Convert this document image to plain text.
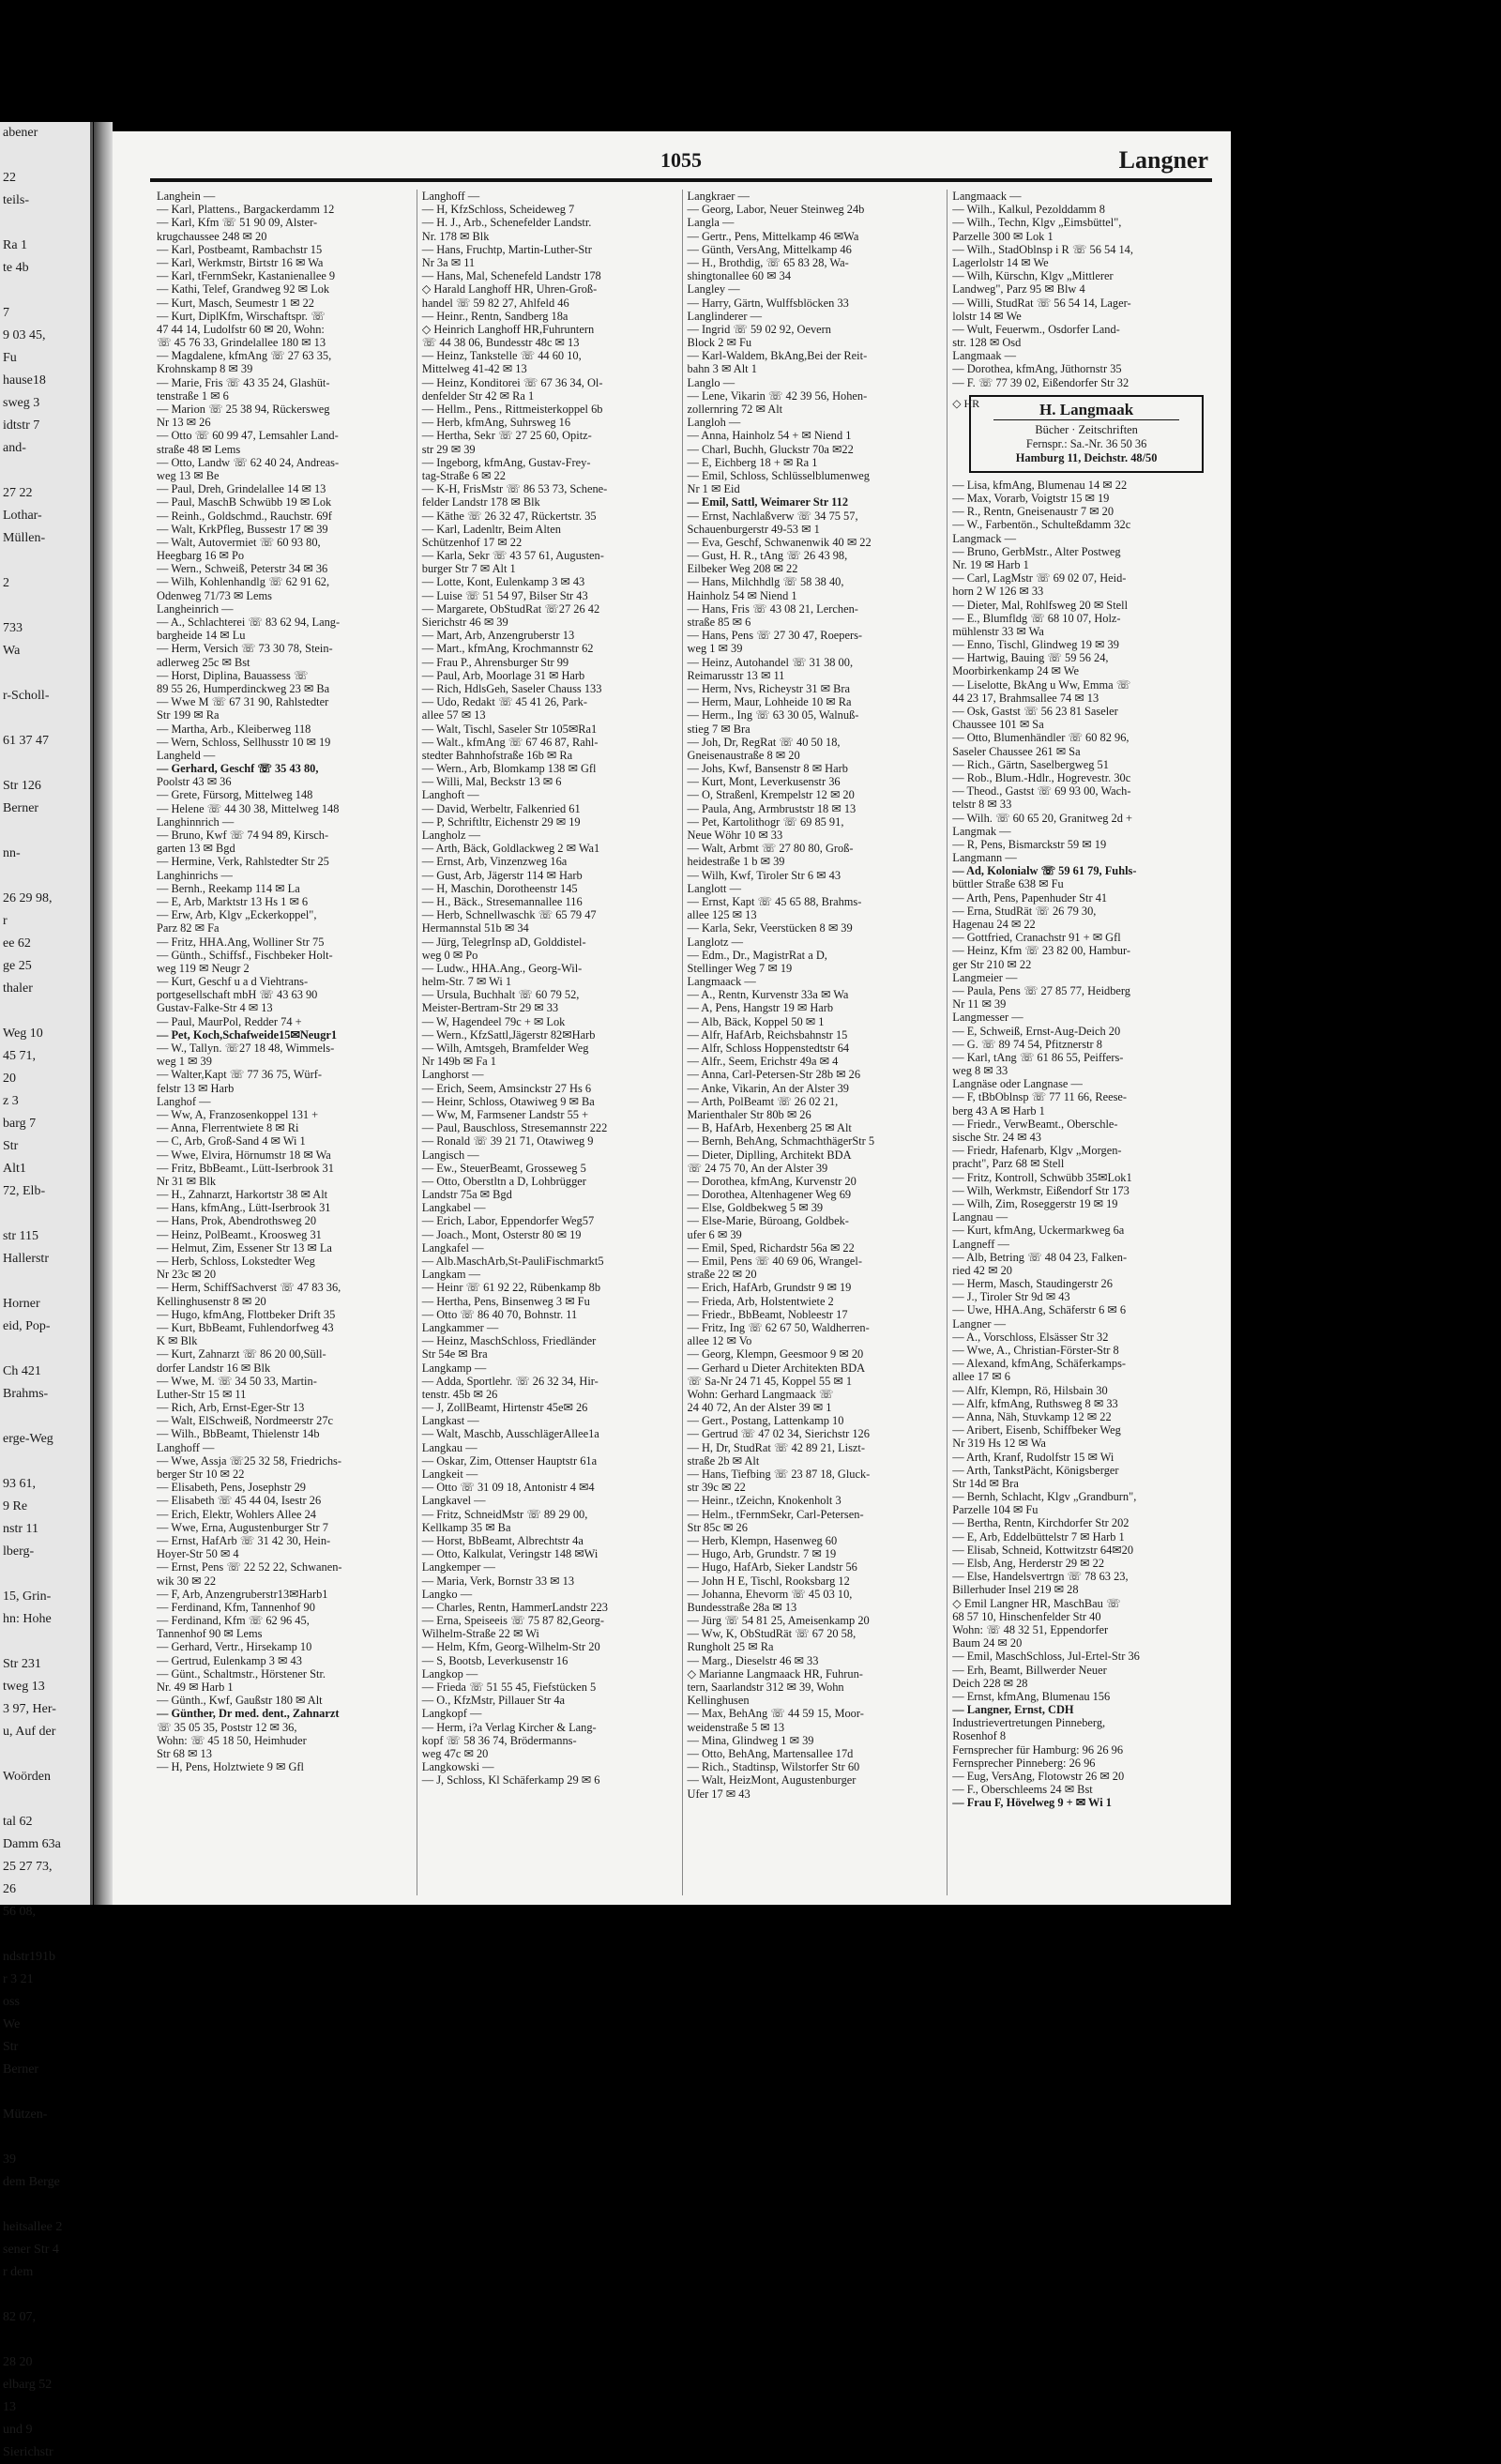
abener
22
teils-
Ra 1
te 4b
7
9 03 45,
Fu
hause18
sweg 3
idtstr 7
and-
27 22
Lothar-
Müllen-
2
733
Wa
r-Scholl-
61 37 47
Str 126
Berner
nn-
26 29 98,
r
ee 62
ge 25
thaler
Weg 10
45 71,
20
z 3
barg 7
Str
Alt1
72, Elb-
str 115
Hallerstr
Horner
eid, Pop-
Ch 421
Brahms-
erge-Weg
93 61,
9 Re
nstr 11
lberg-
15, Grin-
hn: Hohe
Str 231
tweg 13
3 97, Her-
u, Auf der
Woörden
tal 62
Damm 63a
25 27 73,
26
56 08,
ndstr191b
r 3 21
oss
We
Str
Berner
Mützen-
39
dem Berge
heitsallee 2
sener Str 4
r dem
82 07,
28 20
elbarg 52
13
und 9
Sierichstr
1055	Langner
Langhein —
— Karl, Plattens., Bargackerdamm 12
— Karl, Kfm ☏ 51 90 09, Alster-
krugchaussee 248 ✉ 20
— Karl, Postbeamt, Rambachstr 15
— Karl, Werkmstr, Birtstr 16 ✉ Wa
— Karl, tFernmSekr, Kastanienallee 9
— Kathi, Telef, Grandweg 92 ✉ Lok
— Kurt, Masch, Seumestr 1 ✉ 22
— Kurt, DiplKfm, Wirschaftspr. ☏
47 44 14, Ludolfstr 60 ✉ 20, Wohn:
☏ 45 76 33, Grindelallee 180 ✉ 13
— Magdalene, kfmAng ☏ 27 63 35,
Krohnskamp 8 ✉ 39
— Marie, Fris ☏ 43 35 24, Glashüt-
tenstraße 1 ✉ 6
— Marion ☏ 25 38 94, Rückersweg
Nr 13 ✉ 26
— Otto ☏ 60 99 47, Lemsahler Land-
straße 48 ✉ Lems
— Otto, Landw ☏ 62 40 24, Andreas-
weg 13 ✉ Be
— Paul, Dreh, Grindelallee 14 ✉ 13
— Paul, MaschB Schwübb 19 ✉ Lok
— Reinh., Goldschmd., Rauchstr. 69f
— Walt, KrkPfleg, Bussestr 17 ✉ 39
— Walt, Autovermiet ☏ 60 93 80,
Heegbarg 16 ✉ Po
— Wern., Schweiß, Peterstr 34 ✉ 36
— Wilh, Kohlenhandlg ☏ 62 91 62,
Odenweg 71/73 ✉ Lems
Langheinrich —
— A., Schlachterei ☏ 83 62 94, Lang-
bargheide 14 ✉ Lu
— Herm, Versich ☏ 73 30 78, Stein-
adlerweg 25c ✉ Bst
— Horst, Diplina, Bauassess ☏
89 55 26, Humperdinckweg 23 ✉ Ba
— Wwe M ☏ 67 31 90, Rahlstedter
Str 199 ✉ Ra
— Martha, Arb., Kleiberweg 118
— Wern, Schloss, Sellhusstr 10 ✉ 19
Langheld —
— Gerhard, Geschf ☏ 35 43 80,
Poolstr 43 ✉ 36
— Grete, Fürsorg, Mittelweg 148
— Helene ☏ 44 30 38, Mittelweg 148
Langhinnrich —
— Bruno, Kwf ☏ 74 94 89, Kirsch-
garten 13 ✉ Bgd
— Hermine, Verk, Rahlstedter Str 25
Langhinrichs —
— Bernh., Reekamp 114 ✉ La
— E, Arb, Marktstr 13 Hs 1 ✉ 6
— Erw, Arb, Klgv „Eckerkoppel",
Parz 82 ✉ Fa
— Fritz, HHA.Ang, Wolliner Str 75
— Günth., Schiffsf., Fischbeker Holt-
weg 119 ✉ Neugr 2
— Kurt, Geschf u a d Viehtrans-
portgesellschaft mbH ☏ 43 63 90
Gustav-Falke-Str 4 ✉ 13
— Paul, MaurPol, Redder 74 +
— Pet, Koch,Schafweide15✉Neugr1
— W., Tallyn. ☏27 18 48, Wimmels-
weg 1 ✉ 39
— Walter,Kapt ☏ 77 36 75, Würf-
felstr 13 ✉ Harb
Langhof —
— Ww, A, Franzosenkoppel 131 +
— Anna, Flerrentwiete 8 ✉ Ri
— C, Arb, Groß-Sand 4 ✉ Wi 1
— Wwe, Elvira, Hörnumstr 18 ✉ Wa
— Fritz, BbBeamt., Lütt-Iserbrook 31
Nr 31 ✉ Blk
— H., Zahnarzt, Harkortstr 38 ✉ Alt
— Hans, kfmAng., Lütt-Iserbrook 31
— Hans, Prok, Abendrothsweg 20
— Heinz, PolBeamt., Kroosweg 31
— Helmut, Zim, Essener Str 13 ✉ La
— Herb, Schloss, Lokstedter Weg
Nr 23c ✉ 20
— Herm, SchiffSachverst ☏ 47 83 36,
Kellinghusenstr 8 ✉ 20
— Hugo, kfmAng, Flottbeker Drift 35
— Kurt, BbBeamt, Fuhlendorfweg 43
K ✉ Blk
— Kurt, Zahnarzt ☏ 86 20 00,Süll-
dorfer Landstr 16 ✉ Blk
— Wwe, M. ☏ 34 50 33, Martin-
Luther-Str 15 ✉ 11
— Rich, Arb, Ernst-Eger-Str 13
— Walt, ElSchweiß, Nordmeerstr 27c
— Wilh., BbBeamt, Thielenstr 14b
Langhoff —
— Wwe, Assja ☏25 32 58, Friedrichs-
berger Str 10 ✉ 22
— Elisabeth, Pens, Josephstr 29
— Elisabeth ☏ 45 44 04, Isestr 26
— Erich, Elektr, Wohlers Allee 24
— Wwe, Erna, Augustenburger Str 7
— Ernst, HafArb ☏ 31 42 30, Hein-
Hoyer-Str 50 ✉ 4
— Ernst, Pens ☏ 22 52 22, Schwanen-
wik 30 ✉ 22
— F, Arb, Anzengruberstr13✉Harb1
— Ferdinand, Kfm, Tannenhof 90
— Ferdinand, Kfm ☏ 62 96 45,
Tannenhof 90 ✉ Lems
— Gerhard, Vertr., Hirsekamp 10
— Gertrud, Eulenkamp 3 ✉ 43
— Günt., Schaltmstr., Hörstener Str.
Nr. 49 ✉ Harb 1
— Günth., Kwf, Gaußstr 180 ✉ Alt
— Günther, Dr med. dent., Zahnarzt
☏ 35 05 35, Poststr 12 ✉ 36,
Wohn: ☏ 45 18 50, Heimhuder
Str 68 ✉ 13
— H, Pens, Holztwiete 9 ✉ Gfl
Langhoff —
— H, KfzSchloss, Scheideweg 7
— H. J., Arb., Schenefelder Landstr.
Nr. 178 ✉ Blk
— Hans, Fruchtp, Martin-Luther-Str
Nr 3a ✉ 11
— Hans, Mal, Schenefeld Landstr 178
◇ Harald Langhoff HR, Uhren-Groß-
handel ☏ 59 82 27, Ahlfeld 46
— Heinr., Rentn, Sandberg 18a
◇ Heinrich Langhoff HR,Fuhruntern
☏ 44 38 06, Bundesstr 48c ✉ 13
— Heinz, Tankstelle ☏ 44 60 10,
Mittelweg 41-42 ✉ 13
— Heinz, Konditorei ☏ 67 36 34, Ol-
denfelder Str 42 ✉ Ra 1
— Hellm., Pens., Rittmeisterkoppel 6b
— Herb, kfmAng, Suhrsweg 16
— Hertha, Sekr ☏ 27 25 60, Opitz-
str 29 ✉ 39
— Ingeborg, kfmAng, Gustav-Frey-
tag-Straße 6 ✉ 22
— K-H, FrisMstr ☏ 86 53 73, Schene-
felder Landstr 178 ✉ Blk
— Käthe ☏ 26 32 47, Rückertstr. 35
— Karl, Ladenltr, Beim Alten
Schützenhof 17 ✉ 22
— Karla, Sekr ☏ 43 57 61, Augusten-
burger Str 7 ✉ Alt 1
— Lotte, Kont, Eulenkamp 3 ✉ 43
— Luise ☏ 51 54 97, Bilser Str 43
— Margarete, ObStudRat ☏27 26 42
Sierichstr 46 ✉ 39
— Mart, Arb, Anzengruberstr 13
— Mart., kfmAng, Krochmannstr 62
— Frau P., Ahrensburger Str 99
— Paul, Arb, Moorlage 31 ✉ Harb
— Rich, HdlsGeh, Saseler Chauss 133
— Udo, Redakt ☏ 45 41 26, Park-
allee 57 ✉ 13
— Walt, Tischl, Saseler Str 105✉Ra1
— Walt., kfmAng ☏ 67 46 87, Rahl-
stedter Bahnhofstraße 16b ✉ Ra
— Wern., Arb, Blomkamp 138 ✉ Gfl
— Willi, Mal, Beckstr 13 ✉ 6
Langhoft —
— David, Werbeltr, Falkenried 61
— P, Schriftltr, Eichenstr 29 ✉ 19
Langholz —
— Arth, Bäck, Goldlackweg 2 ✉ Wa1
— Ernst, Arb, Vinzenzweg 16a
— Gust, Arb, Jägerstr 114 ✉ Harb
— H, Maschin, Dorotheenstr 145
— H., Bäck., Stresemannallee 116
— Herb, Schnellwaschk ☏ 65 79 47
Hermannstal 51b ✉ 34
— Jürg, TelegrInsp aD, Golddistel-
weg 0 ✉ Po
— Ludw., HHA.Ang., Georg-Wil-
helm-Str. 7 ✉ Wi 1
— Ursula, Buchhalt ☏ 60 79 52,
Meister-Bertram-Str 29 ✉ 33
— W, Hagendeel 79c + ✉ Lok
— Wern., KfzSattl,Jägerstr 82✉Harb
— Wilh, Amtsgeh, Bramfelder Weg
Nr 149b ✉ Fa 1
Langhorst —
— Erich, Seem, Amsinckstr 27 Hs 6
— Heinr, Schloss, Otawiweg 9 ✉ Ba
— Ww, M, Farmsener Landstr 55 +
— Paul, Bauschloss, Stresemannstr 222
— Ronald ☏ 39 21 71, Otawiweg 9
Langisch —
— Ew., SteuerBeamt, Grosseweg 5
— Otto, Oberstltn a D, Lohbrügger
Landstr 75a ✉ Bgd
Langkabel —
— Erich, Labor, Eppendorfer Weg57
— Joach., Mont, Osterstr 80 ✉ 19
Langkafel —
— Alb.MaschArb,St-PauliFischmarkt5
Langkam —
— Heinr ☏ 61 92 22, Rübenkamp 8b
— Hertha, Pens, Binsenweg 3 ✉ Fu
— Otto ☏ 86 40 70, Bohnstr. 11
Langkammer —
— Heinz, MaschSchloss, Friedländer
Str 54e ✉ Bra
Langkamp —
— Adda, Sportlehr. ☏ 26 32 34, Hir-
tenstr. 45b ✉ 26
— J, ZollBeamt, Hirtenstr 45e✉ 26
Langkast —
— Walt, Maschb, AusschlägerAllee1a
Langkau —
— Oskar, Zim, Ottenser Hauptstr 61a
Langkeit —
— Otto ☏ 31 09 18, Antonistr 4 ✉4
Langkavel —
— Fritz, SchneidMstr ☏ 89 29 00,
Kellkamp 35 ✉ Ba
— Horst, BbBeamt, Albrechtstr 4a
— Otto, Kalkulat, Veringstr 148 ✉Wi
Langkemper —
— Maria, Verk, Bornstr 33 ✉ 13
Langko —
— Charles, Rentn, HammerLandstr 223
— Erna, Speiseeis ☏ 75 87 82,Georg-
Wilhelm-Straße 22 ✉ Wi
— Helm, Kfm, Georg-Wilhelm-Str 20
— S, Bootsb, Leverkusenstr 16
Langkop —
— Frieda ☏ 51 55 45, Fiefstücken 5
— O., KfzMstr, Pillauer Str 4a
Langkopf —
— Herm, i?a Verlag Kircher & Lang-
kopf ☏ 58 36 74, Brödermanns-
weg 47c ✉ 20
Langkowski —
— J, Schloss, Kl Schäferkamp 29 ✉ 6
Langkraer —
— Georg, Labor, Neuer Steinweg 24b
Langla —
— Gertr., Pens, Mittelkamp 46 ✉Wa
— Günth, VersAng, Mittelkamp 46
— H., Brothdig, ☏ 65 83 28, Wa-
shingtonallee 60 ✉ 34
Langley —
— Harry, Gärtn, Wulffsblöcken 33
Langlinderer —
— Ingrid ☏ 59 02 92, Oevern
Block 2 ✉ Fu
— Karl-Waldem, BkAng,Bei der Reit-
bahn 3 ✉ Alt 1
Langlo —
— Lene, Vikarin ☏ 42 39 56, Hohen-
zollernring 72 ✉ Alt
Langloh —
— Anna, Hainholz 54 + ✉ Niend 1
— Charl, Buchh, Gluckstr 70a ✉22
— E, Eichberg 18 + ✉ Ra 1
— Emil, Schloss, Schlüsselblumenweg
Nr 1 ✉ Eid
— Emil, Sattl, Weimarer Str 112
— Ernst, Nachlaßverw ☏ 34 75 57,
Schauenburgerstr 49-53 ✉ 1
— Eva, Geschf, Schwanenwik 40 ✉ 22
— Gust, H. R., tAng ☏ 26 43 98,
Eilbeker Weg 208 ✉ 22
— Hans, Milchhdlg ☏ 58 38 40,
Hainholz 54 ✉ Niend 1
— Hans, Fris ☏ 43 08 21, Lerchen-
straße 85 ✉ 6
— Hans, Pens ☏ 27 30 47, Roepers-
weg 1 ✉ 39
— Heinz, Autohandel ☏ 31 38 00,
Reimarusstr 13 ✉ 11
— Herm, Nvs, Richeystr 31 ✉ Bra
— Herm, Maur, Lohheide 10 ✉ Ra
— Herm., Ing ☏ 63 30 05, Walnuß-
stieg 7 ✉ Bra
— Joh, Dr, RegRat ☏ 40 50 18,
Gneisenaustraße 8 ✉ 20
— Johs, Kwf, Bansenstr 8 ✉ Harb
— Kurt, Mont, Leverkusenstr 36
— O, Straßenl, Krempelstr 12 ✉ 20
— Paula, Ang, Armbruststr 18 ✉ 13
— Pet, Kartolithogr ☏ 69 85 91,
Neue Wöhr 10 ✉ 33
— Walt, Arbmt ☏ 27 80 80, Groß-
heidestraße 1 b ✉ 39
— Wilh, Kwf, Tiroler Str 6 ✉ 43
Langlott —
— Ernst, Kapt ☏ 45 65 88, Brahms-
allee 125 ✉ 13
— Karla, Sekr, Veerstücken 8 ✉ 39
Langlotz —
— Edm., Dr., MagistrRat a D,
Stellinger Weg 7 ✉ 19
Langmaack —
— A., Rentn, Kurvenstr 33a ✉ Wa
— A, Pens, Hangstr 19 ✉ Harb
— Alb, Bäck, Koppel 50 ✉ 1
— Alfr, HafArb, Reichsbahnstr 15
— Alfr, Schloss Hoppenstedtstr 64
— Alfr., Seem, Erichstr 49a ✉ 4
— Anna, Carl-Petersen-Str 28b ✉ 26
— Anke, Vikarin, An der Alster 39
— Arth, PolBeamt ☏ 26 02 21,
Marienthaler Str 80b ✉ 26
— B, HafArb, Hexenberg 25 ✉ Alt
— Bernh, BehAng, SchmachthägerStr 5
— Dieter, Diplling, Architekt BDA
☏ 24 75 70, An der Alster 39
— Dorothea, kfmAng, Kurvenstr 20
— Dorothea, Altenhagener Weg 69
— Else, Goldbekweg 5 ✉ 39
— Else-Marie, Büroang, Goldbek-
ufer 6 ✉ 39
— Emil, Sped, Richardstr 56a ✉ 22
— Emil, Pens ☏ 40 69 06, Wrangel-
straße 22 ✉ 20
— Erich, HafArb, Grundstr 9 ✉ 19
— Frieda, Arb, Holstentwiete 2
— Friedr., BbBeamt, Nobleestr 17
— Fritz, Ing ☏ 62 67 50, Waldherren-
allee 12 ✉ Vo
— Georg, Klempn, Geesmoor 9 ✉ 20
— Gerhard u Dieter Architekten BDA
☏ Sa-Nr 24 71 45, Koppel 55 ✉ 1
Wohn: Gerhard Langmaack ☏
24 40 72, An der Alster 39 ✉ 1
— Gert., Postang, Lattenkamp 10
— Gertrud ☏ 47 02 34, Sierichstr 126
— H, Dr, StudRat ☏ 42 89 21, Liszt-
straße 2b ✉ Alt
— Hans, Tiefbing ☏ 23 87 18, Gluck-
str 39c ✉ 22
— Heinr., tZeichn, Knokenholt 3
— Helm., tFernmSekr, Carl-Petersen-
Str 85c ✉ 26
— Herb, Klempn, Hasenweg 60
— Hugo, Arb, Grundstr. 7 ✉ 19
— Hugo, HafArb, Sieker Landstr 56
— John H E, Tischl, Rooksbarg 12
— Johanna, Ehevorm ☏ 45 03 10,
Bundesstraße 28a ✉ 13
— Jürg ☏ 54 81 25, Ameisenkamp 20
— Ww, K, ObStudRät ☏ 67 20 58,
Rungholt 25 ✉ Ra
— Marg., Dieselstr 46 ✉ 33
◇ Marianne Langmaack HR, Fuhrun-
tern, Saarlandstr 312 ✉ 39, Wohn
Kellinghusen
— Max, BehAng ☏ 44 59 15, Moor-
weidenstraße 5 ✉ 13
— Mina, Glindweg 1 ✉ 39
— Otto, BehAng, Martensallee 17d
— Rich., Stadtinsp, Wilstorfer Str 60
— Walt, HeizMont, Augustenburger
Ufer 17 ✉ 43
Langmaack —
— Wilh., Kalkul, Pezolddamm 8
— Wilh., Techn, Klgv „Eimsbüttel",
Parzelle 300 ✉ Lok 1
— Wilh., StadOblnsp i R ☏ 56 54 14,
Lagerlolstr 14 ✉ We
— Wilh, Kürschn, Klgv „Mittlerer
Landweg", Parz 95 ✉ Blw 4
— Willi, StudRat ☏ 56 54 14, Lager-
lolstr 14 ✉ We
— Wult, Feuerwm., Osdorfer Land-
str. 128 ✉ Osd
Langmaak —
— Dorothea, kfmAng, Jüthornstr 35
— F. ☏ 77 39 02, Eißendorfer Str 32
◇ HR	H. Langmaak
Bücher · Zeitschriften
Fernspr.: Sa.-Nr. 36 50 36
Hamburg 11, Deichstr. 48/50
— Lisa, kfmAng, Blumenau 14 ✉ 22
— Max, Vorarb, Voigtstr 15 ✉ 19
— R., Rentn, Gneisenaustr 7 ✉ 20
— W., Farbentön., Schulteßdamm 32c
Langmack —
— Bruno, GerbMstr., Alter Postweg
Nr. 19 ✉ Harb 1
— Carl, LagMstr ☏ 69 02 07, Heid-
horn 2 W 126 ✉ 33
— Dieter, Mal, Rohlfsweg 20 ✉ Stell
— E., Blumfldg ☏ 68 10 07, Holz-
mühlenstr 33 ✉ Wa
— Enno, Tischl, Glindweg 19 ✉ 39
— Hartwig, Bauing ☏ 59 56 24,
Moorbirkenkamp 24 ✉ We
— Liselotte, BkAng u Ww, Emma ☏
44 23 17, Brahmsallee 74 ✉ 13
— Osk, Gastst ☏ 56 23 81 Saseler
Chaussee 101 ✉ Sa
— Otto, Blumenhändler ☏ 60 82 96,
Saseler Chaussee 261 ✉ Sa
— Rich., Gärtn, Saselbergweg 51
— Rob., Blum.-Hdlr., Hogrevestr. 30c
— Theod., Gastst ☏ 69 93 00, Wach-
telstr 8 ✉ 33
— Wilh. ☏ 60 65 20, Granitweg 2d +
Langmak —
— R, Pens, Bismarckstr 59 ✉ 19
Langmann —
— Ad, Kolonialw ☏ 59 61 79, Fuhls-
büttler Straße 638 ✉ Fu
— Arth, Pens, Papenhuder Str 41
— Erna, StudRät ☏ 26 79 30,
Hagenau 24 ✉ 22
— Gottfried, Cranachstr 91 + ✉ Gfl
— Heinz, Kfm ☏ 23 82 00, Hambur-
ger Str 210 ✉ 22
Langmeier —
— Paula, Pens ☏ 27 85 77, Heidberg
Nr 11 ✉ 39
Langmesser —
— E, Schweiß, Ernst-Aug-Deich 20
— G. ☏ 89 74 54, Pfitznerstr 8
— Karl, tAng ☏ 61 86 55, Peiffers-
weg 8 ✉ 33
Langnäse oder Langnase —
— F, tBbOblnsp ☏ 77 11 66, Reese-
berg 43 A ✉ Harb 1
— Friedr., VerwBeamt., Oberschle-
sische Str. 24 ✉ 43
— Friedr, Hafenarb, Klgv „Morgen-
pracht", Parz 68 ✉ Stell
— Fritz, Kontroll, Schwübb 35✉Lok1
— Wilh, Werkmstr, Eißendorf Str 173
— Wilh, Zim, Roseggerstr 19 ✉ 19
Langnau —
— Kurt, kfmAng, Uckermarkweg 6a
Langneff —
— Alb, Betring ☏ 48 04 23, Falken-
ried 42 ✉ 20
— Herm, Masch, Staudingerstr 26
— J., Tiroler Str 9d ✉ 43
— Uwe, HHA.Ang, Schäferstr 6 ✉ 6
Langner —
— A., Vorschloss, Elsässer Str 32
— Wwe, A., Christian-Förster-Str 8
— Alexand, kfmAng, Schäferkamps-
allee 17 ✉ 6
— Alfr, Klempn, Rö, Hilsbain 30
— Alfr, kfmAng, Ruthsweg 8 ✉ 33
— Anna, Näh, Stuvkamp 12 ✉ 22
— Aribert, Eisenb, Schiffbeker Weg
Nr 319 Hs 12 ✉ Wa
— Arth, Kranf, Rudolfstr 15 ✉ Wi
— Arth, TankstPächt, Königsberger
Str 14d ✉ Bra
— Bernh, Schlacht, Klgv „Grandburn",
Parzelle 104 ✉ Fu
— Bertha, Rentn, Kirchdorfer Str 202
— E, Arb, Eddelbüttelstr 7 ✉ Harb 1
— Elisab, Schneid, Kottwitzstr 64✉20
— Elsb, Ang, Herderstr 29 ✉ 22
— Else, Handelsvertrgn ☏ 78 63 23,
Billerhuder Insel 219 ✉ 28
◇ Emil Langner HR, MaschBau ☏
68 57 10, Hinschenfelder Str 40
Wohn: ☏ 48 32 51, Eppendorfer
Baum 24 ✉ 20
— Emil, MaschSchloss, Jul-Ertel-Str 36
— Erh, Beamt, Billwerder Neuer
Deich 228 ✉ 28
— Ernst, kfmAng, Blumenau 156
— Langner, Ernst, CDH
Industrievertretungen Pinneberg,
Rosenhof 8
Fernsprecher für Hamburg: 96 26 96
Fernsprecher Pinneberg: 26 96
— Eug, VersAng, Flotowstr 26 ✉ 20
— F., Oberschleems 24 ✉ Bst
— Frau F, Hövelweg 9 + ✉ Wi 1
